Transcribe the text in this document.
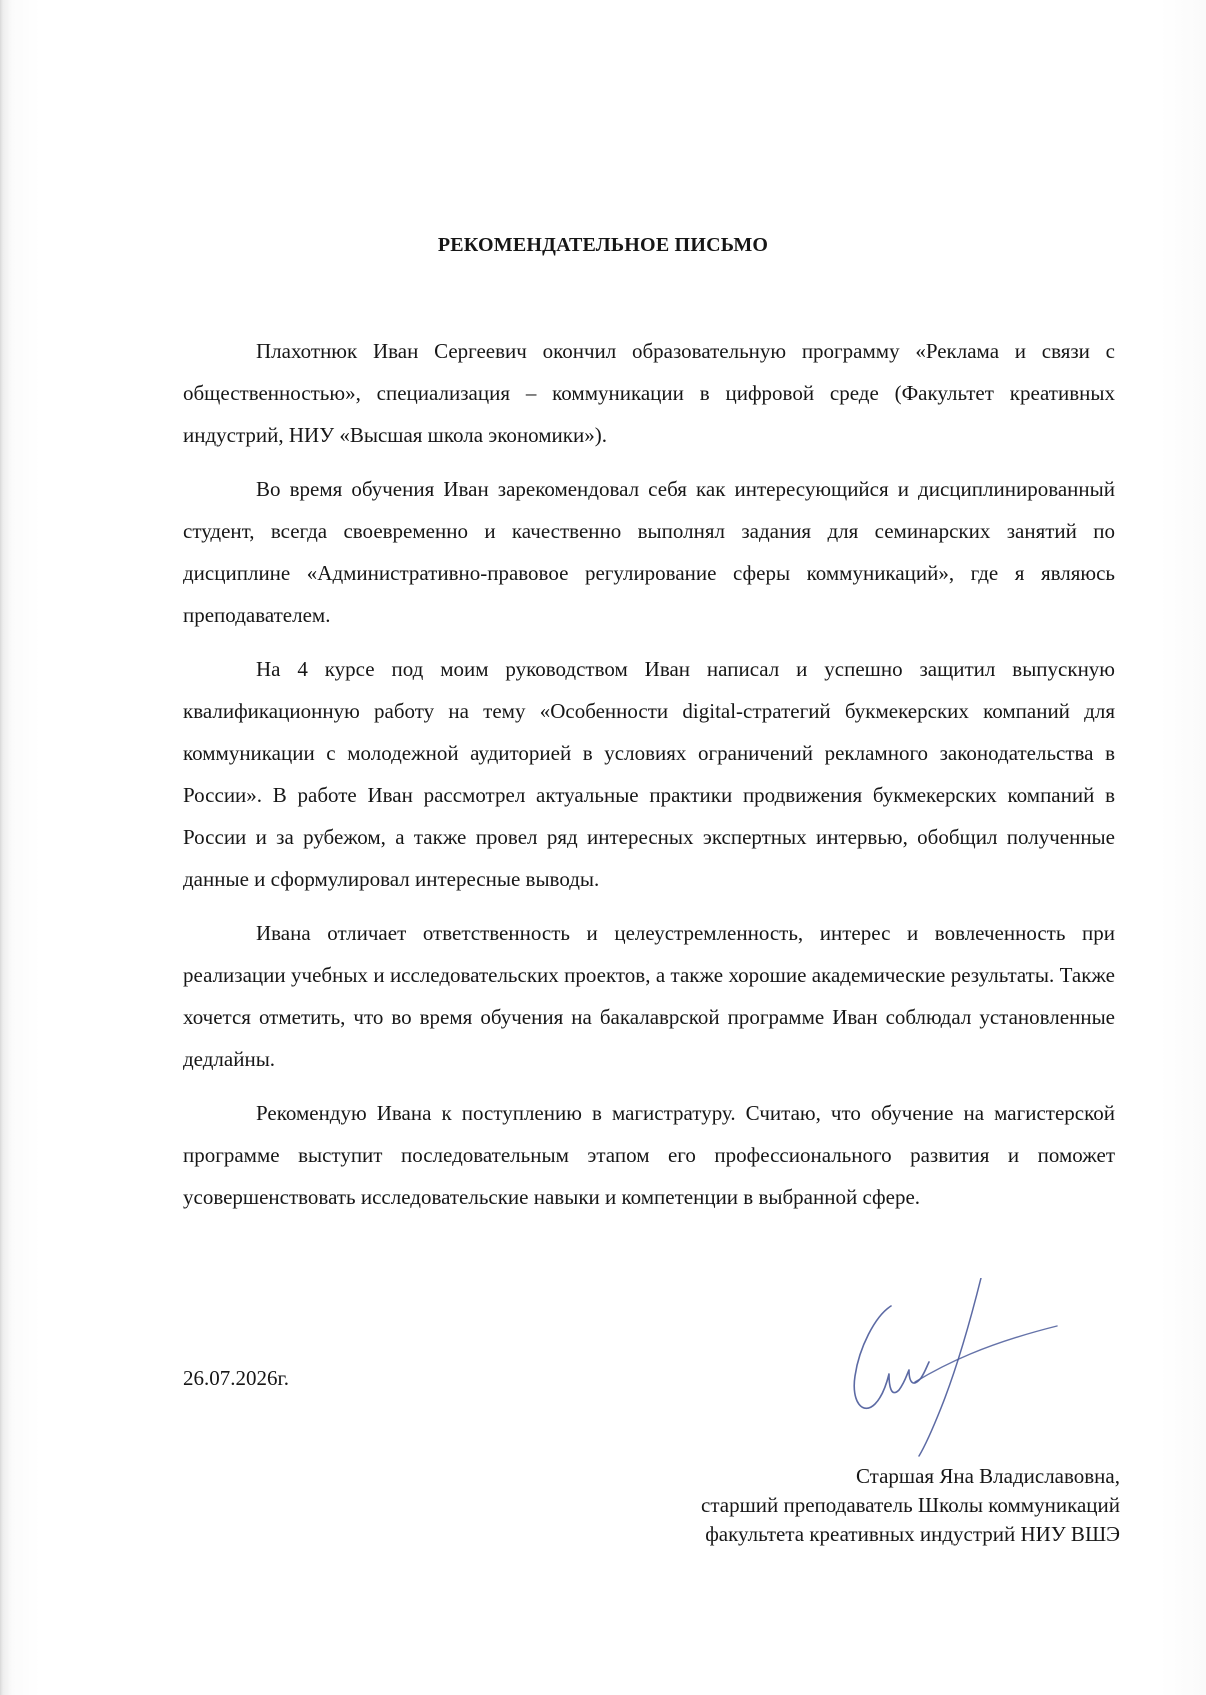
РЕКОМЕНДАТЕЛЬНОЕ ПИСЬМО

Плахотнюк Иван Сергеевич окончил образовательную программу «Реклама и связи с общественностью», специализация – коммуникации в цифровой среде (Факультет креативных индустрий, НИУ «Высшая школа экономики»).

Во время обучения Иван зарекомендовал себя как интересующийся и дисциплинированный студент, всегда своевременно и качественно выполнял задания для семинарских занятий по дисциплине «Административно-правовое регулирование сферы коммуникаций», где я являюсь преподавателем.

На 4 курсе под моим руководством Иван написал и успешно защитил выпускную квалификационную работу на тему «Особенности digital-стратегий букмекерских компаний для коммуникации с молодежной аудиторией в условиях ограничений рекламного законодательства в России». В работе Иван рассмотрел актуальные практики продвижения букмекерских компаний в России и за рубежом, а также провел ряд интересных экспертных интервью, обобщил полученные данные и сформулировал интересные выводы.

Ивана отличает ответственность и целеустремленность, интерес и вовлеченность при реализации учебных и исследовательских проектов, а также хорошие академические результаты. Также хочется отметить, что во время обучения на бакалаврской программе Иван соблюдал установленные дедлайны.

Рекомендую Ивана к поступлению в магистратуру. Считаю, что обучение на магистерской программе выступит последовательным этапом его профессионального развития и поможет усовершенствовать исследовательские навыки и компетенции в выбранной сфере.

26.07.2026г.

Старшая Яна Владиславовна,
старший преподаватель Школы коммуникаций
факультета креативных индустрий НИУ ВШЭ
